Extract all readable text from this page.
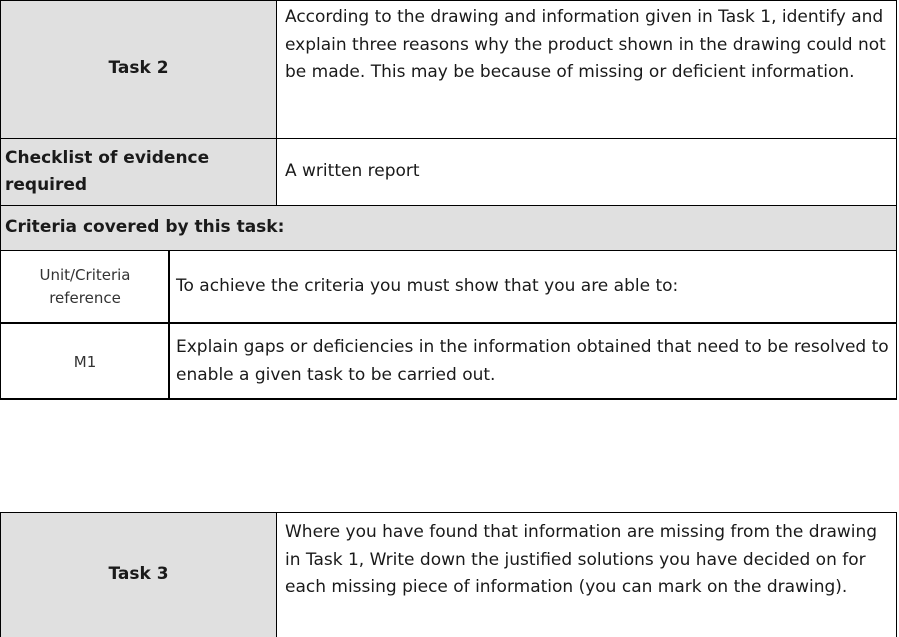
Task 2
According to the drawing and information given in Task 1, identify and explain three reasons why the product shown in the drawing could not be made. This may be because of missing or deficient information.
Checklist of evidence required
A written report
Criteria covered by this task:
Unit/Criteria reference
To achieve the criteria you must show that you are able to:
M1
Explain gaps or deficiencies in the information obtained that need to be resolved to enable a given task to be carried out.
Task 3
Where you have found that information are missing from the drawing in Task 1, Write down the justified solutions you have decided on for each missing piece of information (you can mark on the drawing).
